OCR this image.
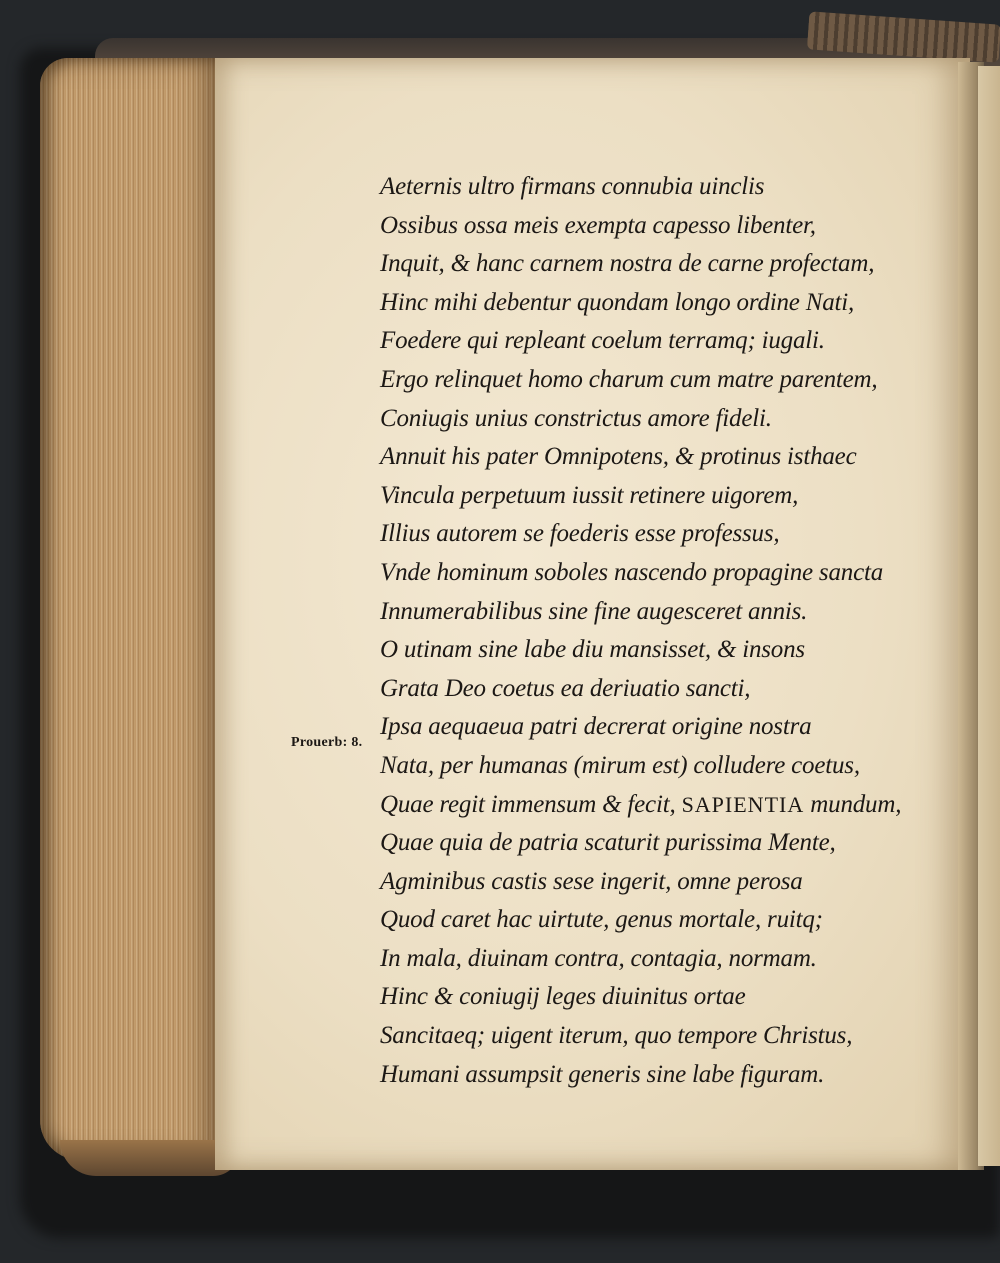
Prouerb: 8.
Aeternis ultro firmans connubia uinclis
Ossibus ossa meis exempta capesso libenter,
Inquit, & hanc carnem nostra de carne profectam,
Hinc mihi debentur quondam longo ordine Nati,
Foedere qui repleant coelum terramq; iugali.
Ergo relinquet homo charum cum matre parentem,
Coniugis unius constrictus amore fideli.
Annuit his pater Omnipotens, & protinus isthaec
Vincula perpetuum iussit retinere uigorem,
Illius autorem se foederis esse professus,
Vnde hominum soboles nascendo propagine sancta
Innumerabilibus sine fine augesceret annis.
O utinam sine labe diu mansisset, & insons
Grata Deo coetus ea deriuatio sancti,
Ipsa aequaeua patri decrerat origine nostra
Nata, per humanas (mirum est) colludere coetus,
Quae regit immensum & fecit, SAPIENTIA mundum,
Quae quia de patria scaturit purissima Mente,
Agminibus castis sese ingerit, omne perosa
Quod caret hac uirtute, genus mortale, ruitq;
In mala, diuinam contra, contagia, normam.
Hinc & coniugij leges diuinitus ortae
Sancitaeq; uigent iterum, quo tempore Christus,
Humani assumpsit generis sine labe figuram.
